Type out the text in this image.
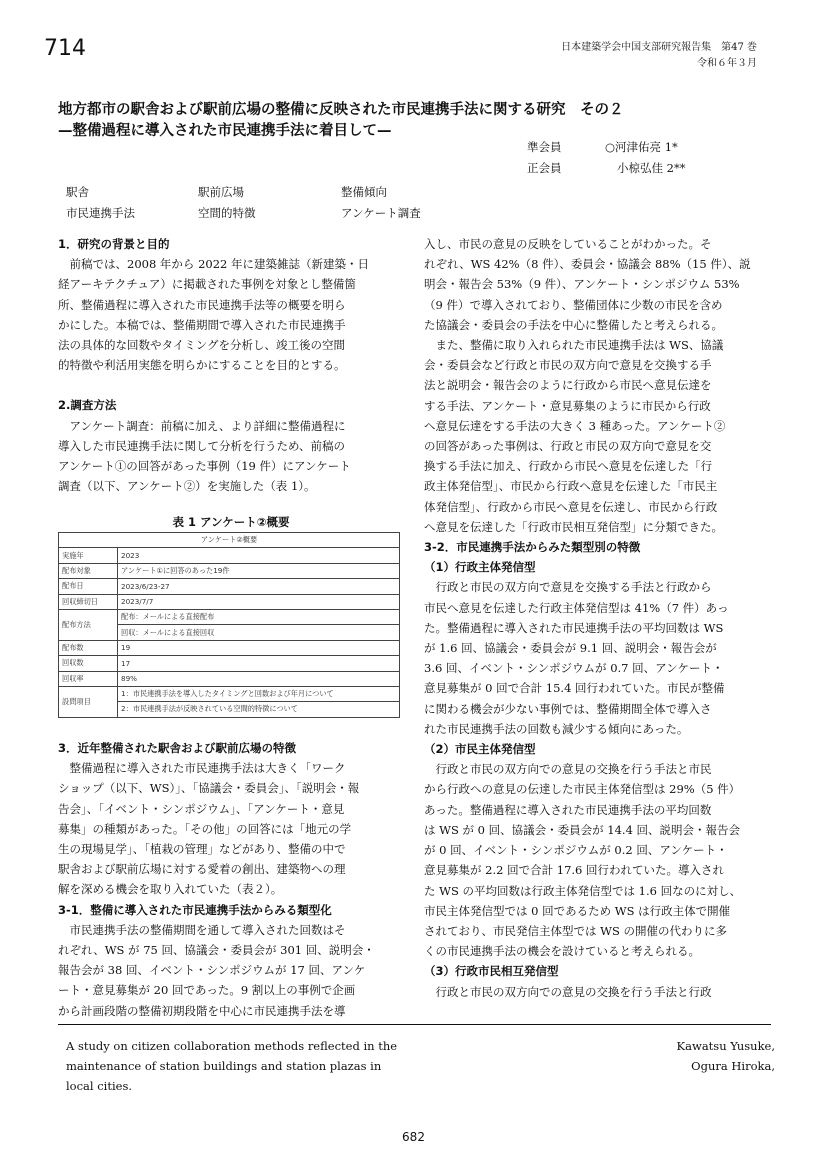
714	日本建築学会中国支部研究報告集　第47 巻
令和６年３月
地方都市の駅舎および駅前広場の整備に反映された市民連携手法に関する研究　その２
—整備過程に導入された市民連携手法に着目して—
準会員	○河津佑亮 1*
正会員	小椋弘佳 2**
駅舎	駅前広場	整備傾向
市民連携手法	空間的特徴	アンケート調査
1．研究の背景と目的
前稿では、2008 年から 2022 年に建築雑誌（新建築・日
経アーキテクチュア）に掲載された事例を対象とし整備箇
所、整備過程に導入された市民連携手法等の概要を明ら
かにした。本稿では、整備期間で導入された市民連携手
法の具体的な回数やタイミングを分析し、竣工後の空間
的特徴や利活用実態を明らかにすることを目的とする。
2.調査方法
アンケート調査：前稿に加え、より詳細に整備過程に
導入した市民連携手法に関して分析を行うため、前稿の
アンケート①の回答があった事例（19 件）にアンケート
調査（以下、アンケート②）を実施した（表 1）。
表 1 アンケート②概要
アンケート②概要	
実施年	2023
配布対象	アンケート①に回答のあった19件
配布日	2023/6/23-27
回収締切日	2023/7/7
配布方法	配布：メールによる直接配布
	回収：メールによる直接回収
配布数	19
回収数	17
回収率	89%
設問項目	1：市民連携手法を導入したタイミングと回数および年月について
	2：市民連携手法が反映されている空間的特徴について
3．近年整備された駅舎および駅前広場の特徴
整備過程に導入された市民連携手法は大きく「ワーク
ショップ（以下、WS）」、「協議会・委員会」、「説明会・報
告会」、「イベント・シンポジウム」、「アンケート・意見
募集」の種類があった。「その他」の回答には「地元の学
生の現場見学」、「植栽の管理」などがあり、整備の中で
駅舎および駅前広場に対する愛着の創出、建築物への理
解を深める機会を取り入れていた（表２）。
3-1．整備に導入された市民連携手法からみる類型化
市民連携手法の整備期間を通して導入された回数はそ
れぞれ、WS が 75 回、協議会・委員会が 301 回、説明会・
報告会が 38 回、イベント・シンポジウムが 17 回、アンケ
ート・意見募集が 20 回であった。9 割以上の事例で企画
から計画段階の整備初期段階を中心に市民連携手法を導
入し、市民の意見の反映をしていることがわかった。そ
れぞれ、WS 42%（8 件）、委員会・協議会 88%（15 件）、説
明会・報告会 53%（9 件）、アンケート・シンポジウム 53%
（9 件）で導入されており、整備団体に少数の市民を含め
た協議会・委員会の手法を中心に整備したと考えられる。
また、整備に取り入れられた市民連携手法は WS、協議
会・委員会など行政と市民の双方向で意見を交換する手
法と説明会・報告会のように行政から市民へ意見伝達を
する手法、アンケート・意見募集のように市民から行政
へ意見伝達をする手法の大きく 3 種あった。アンケート②
の回答があった事例は、行政と市民の双方向で意見を交
換する手法に加え、行政から市民へ意見を伝達した「行
政主体発信型」、市民から行政へ意見を伝達した「市民主
体発信型」、行政から市民へ意見を伝達し、市民から行政
へ意見を伝達した「行政市民相互発信型」に分類できた。
3-2．市民連携手法からみた類型別の特徴
（1）行政主体発信型
行政と市民の双方向で意見を交換する手法と行政から
市民へ意見を伝達した行政主体発信型は 41%（7 件）あっ
た。整備過程に導入された市民連携手法の平均回数は WS
が 1.6 回、協議会・委員会が 9.1 回、説明会・報告会が
3.6 回、イベント・シンポジウムが 0.7 回、アンケート・
意見募集が 0 回で合計 15.4 回行われていた。市民が整備
に関わる機会が少ない事例では、整備期間全体で導入さ
れた市民連携手法の回数も減少する傾向にあった。
（2）市民主体発信型
行政と市民の双方向での意見の交換を行う手法と市民
から行政への意見の伝達した市民主体発信型は 29%（5 件）
あった。整備過程に導入された市民連携手法の平均回数
は WS が 0 回、協議会・委員会が 14.4 回、説明会・報告会
が 0 回、イベント・シンポジウムが 0.2 回、アンケート・
意見募集が 2.2 回で合計 17.6 回行われていた。導入され
た WS の平均回数は行政主体発信型では 1.6 回なのに対し、
市民主体発信型では 0 回であるため WS は行政主体で開催
されており、市民発信主体型では WS の開催の代わりに多
くの市民連携手法の機会を設けていると考えられる。
（3）行政市民相互発信型
行政と市民の双方向での意見の交換を行う手法と行政
A study on citizen collaboration methods reflected in the maintenance of station buildings and station plazas in local cities.
Kawatsu Yusuke,
Ogura Hiroka,
682
